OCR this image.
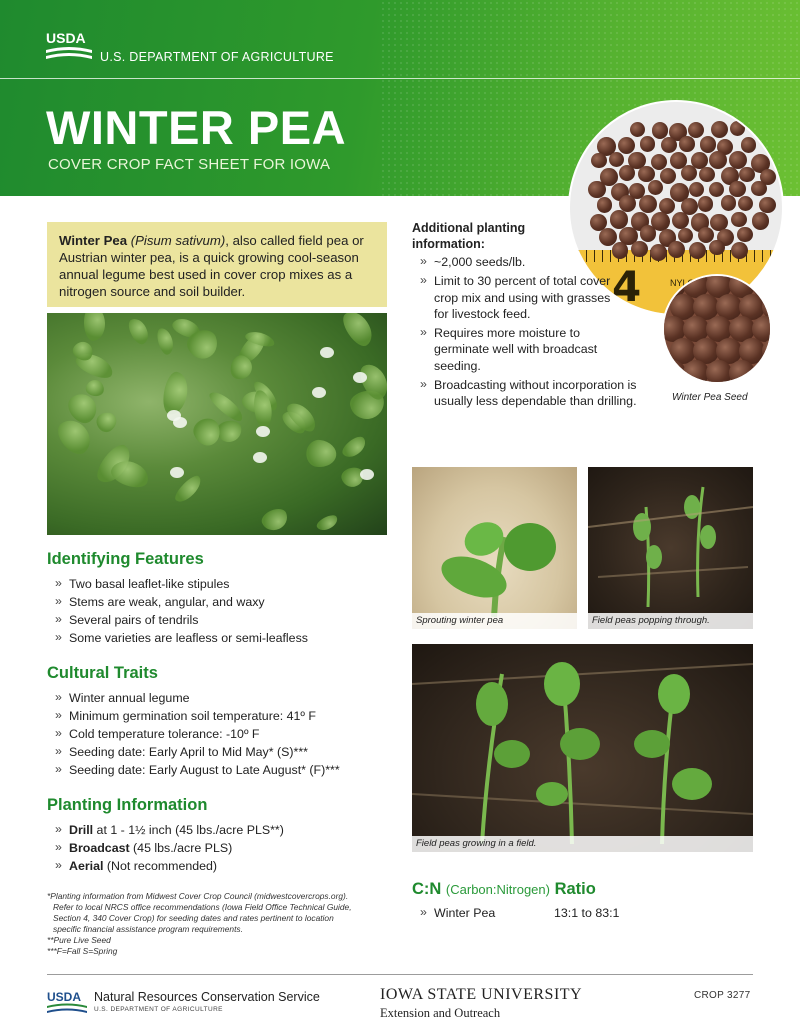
USDA
U.S. DEPARTMENT OF AGRICULTURE
WINTER PEA
COVER CROP FACT SHEET FOR IOWA
4
Winter Pea Seed
Winter Pea (Pisum sativum), also called field pea or Austrian winter pea, is a quick growing cool-season annual legume best used in cover crop mixes as a nitrogen source and soil builder.
Identifying Features
» Two basal leaflet-like stipules
» Stems are weak, angular, and waxy
» Several pairs of tendrils
» Some varieties are leafless or semi-leafless
Cultural Traits
» Winter annual legume
» Minimum germination soil temperature: 41º F
» Cold temperature tolerance: -10º F
» Seeding date: Early April to Mid May* (S)***
» Seeding date: Early August to Late August* (F)***
Planting Information
» Drill at 1 - 1½ inch (45 lbs./acre PLS**)
» Broadcast (45 lbs./acre PLS)
» Aerial (Not recommended)
*Planting information from Midwest Cover Crop Council (midwestcovercrops.org).
Refer to local NRCS office recommendations (Iowa Field Office Technical Guide,
Section 4, 340 Cover Crop) for seeding dates and rates pertinent to location
specific financial assistance program requirements.
**Pure Live Seed
***F=Fall S=Spring
Additional planting
information:
» ~2,000 seeds/lb.
» Limit to 30 percent of total cover crop mix and using with grasses for livestock feed.
» Requires more moisture to germinate well with broadcast seeding.
» Broadcasting without incorporation is usually less dependable than drilling.
Sprouting winter pea	Field peas popping through.
Field peas growing in a field.
C:N (Carbon:Nitrogen) Ratio
» Winter Pea	13:1 to 83:1
USDA Natural Resources Conservation Service
U.S. DEPARTMENT OF AGRICULTURE
IOWA STATE UNIVERSITY
Extension and Outreach
CROP 3277
